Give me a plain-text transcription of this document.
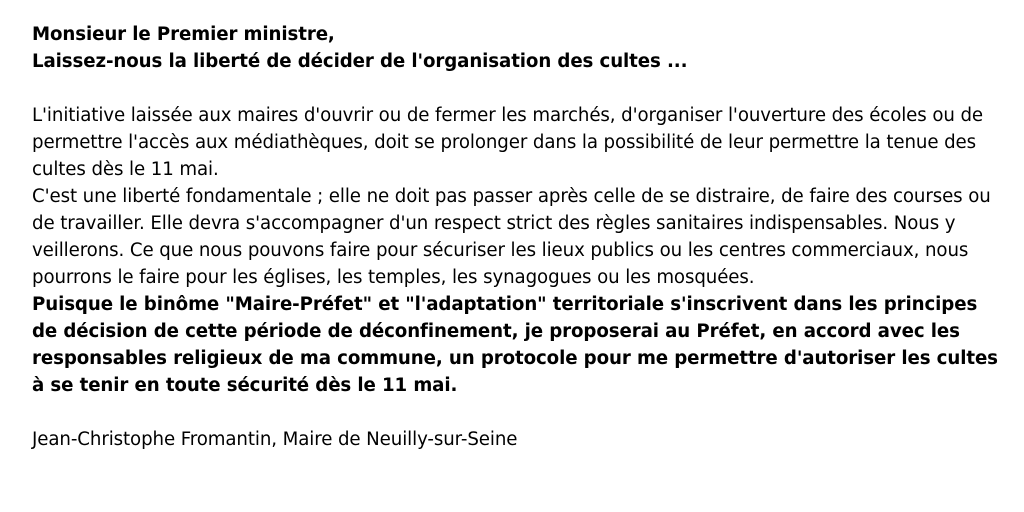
Monsieur le Premier ministre,

Laissez-nous la liberté de décider de l'organisation des cultes ...

L'initiative laissée aux maires d'ouvrir ou de fermer les marchés, d'organiser l'ouverture des écoles ou de permettre l'accès aux médiathèques, doit se prolonger dans la possibilité de leur permettre la tenue des cultes dès le 11 mai.

C'est une liberté fondamentale ; elle ne doit pas passer après celle de se distraire, de faire des courses ou de travailler. Elle devra s'accompagner d'un respect strict des règles sanitaires indispensables. Nous y veillerons. Ce que nous pouvons faire pour sécuriser les lieux publics ou les centres commerciaux, nous pourrons le faire pour les églises, les temples, les synagogues ou les mosquées.

Puisque le binôme "Maire-Préfet" et "l'adaptation" territoriale s'inscrivent dans les principes de décision de cette période de déconfinement, je proposerai au Préfet, en accord avec les responsables religieux de ma commune, un protocole pour me permettre d'autoriser les cultes à se tenir en toute sécurité dès le 11 mai.

Jean-Christophe Fromantin, Maire de Neuilly-sur-Seine
